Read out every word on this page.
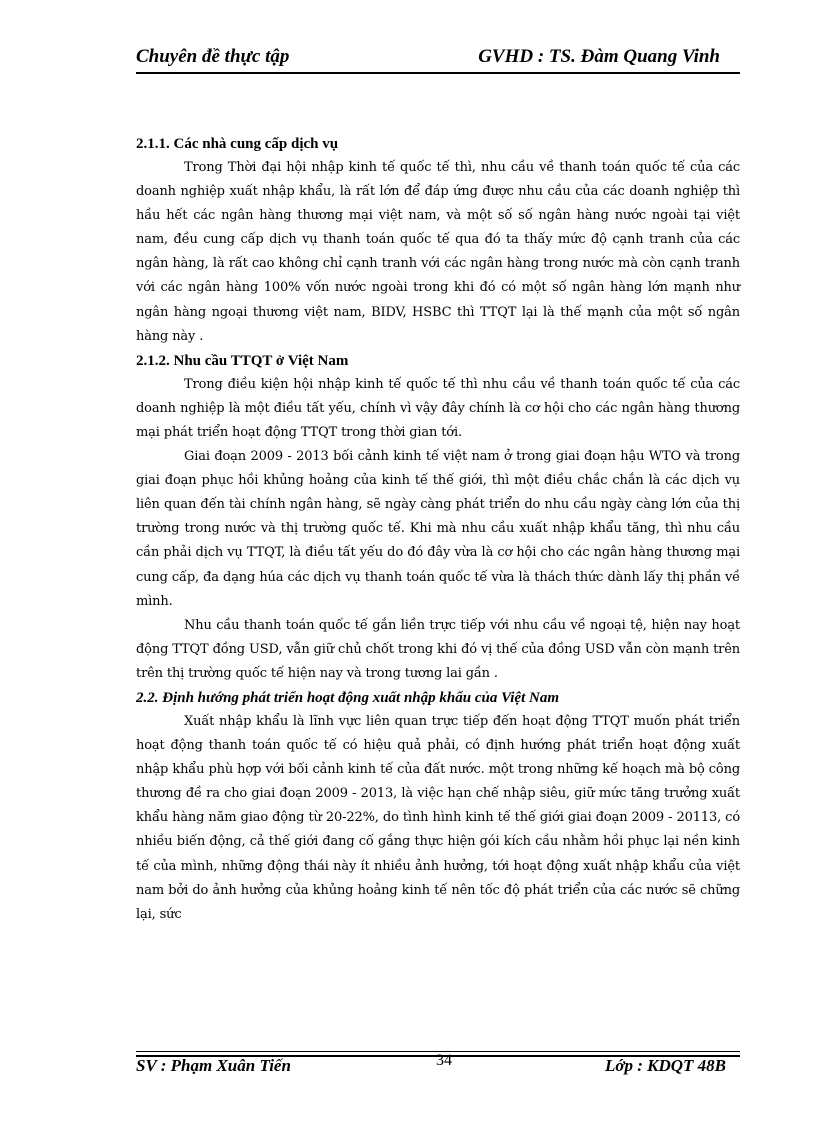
Chuyên đề thực tập	GVHD : TS. Đàm Quang Vinh
2.1.1. Các nhà cung cấp dịch vụ
Trong Thời đại hội nhập kinh tế quốc tế thì, nhu cầu về thanh toán quốc tế của các doanh nghiệp xuất nhập khẩu, là rất lớn để đáp ứng được nhu cầu của các doanh nghiệp thì hầu hết các ngân hàng thương mại việt nam, và một số số ngân hàng nước ngoài tại việt nam, đều cung cấp dịch vụ thanh toán quốc tế qua đó ta thấy mức độ cạnh tranh của các ngân hàng, là rất cao không chỉ cạnh tranh với các ngân hàng trong nước mà còn cạnh tranh với các ngân hàng 100% vốn nước ngoài trong khi đó có một số ngân hàng lớn mạnh như ngân hàng ngoại thương việt nam, BIDV, HSBC thì TTQT lại là thế mạnh của một số ngân hàng này .
2.1.2. Nhu cầu TTQT ở Việt Nam
Trong điều kiện hội nhập kinh tế quốc tế thì nhu cầu về thanh toán quốc tế của các doanh nghiệp là một điều tất yếu, chính vì vậy đây chính là cơ hội cho các ngân hàng thương mại phát triển hoạt động TTQT trong thời gian tới.
Giai đoạn 2009 - 2013 bối cảnh kinh tế việt nam ở trong giai đoạn hậu WTO và trong giai đoạn phục hồi khủng hoảng của kinh tế thế giới, thì một điều chắc chắn là các dịch vụ liên quan đến tài chính ngân hàng, sẽ ngày càng phát triển do nhu cầu ngày càng lớn của thị trường trong nước và thị trường quốc tế. Khi mà nhu cầu xuất nhập khẩu tăng, thì nhu cầu cần phải dịch vụ TTQT, là điều tất yếu do đó đây vừa là cơ hội cho các ngân hàng thương mại cung cấp, đa dạng húa các dịch vụ thanh toán quốc tế vừa là thách thức dành lấy thị phần về mình.
Nhu cầu thanh toán quốc tế gắn liền trực tiếp với nhu cầu về ngoại tệ, hiện nay hoạt động TTQT đồng USD, vẫn giữ chủ chốt trong khi đó vị thế của đồng USD vẫn còn mạnh trên trên thị trường quốc tế hiện nay và trong tương lai gần .
2.2. Định hướng phát triển hoạt động xuất nhập khẩu của Việt Nam
Xuất nhập khẩu là lĩnh vực liên quan trực tiếp đến hoạt động TTQT muốn phát triển hoạt động thanh toán quốc tế có hiệu quả phải, có định hướng phát triển hoạt động xuất nhập khẩu phù hợp với bối cảnh kinh tế của đất nước. một trong những kế hoạch mà bộ công thương đề ra cho giai đoạn 2009 - 2013, là việc hạn chế nhập siêu, giữ mức tăng trưởng xuất khẩu hàng năm giao động từ 20-22%, do tình hình kinh tế thế giới giai đoạn 2009 - 20113, có nhiều biến động, cả thế giới đang cố gắng thực hiện gói kích cầu nhằm hồi phục lại nền kinh tế của mình, những động thái này ít nhiều ảnh hưởng, tới hoạt động xuất nhập khẩu của việt nam bởi do ảnh hưởng của khủng hoảng kinh tế nên tốc độ phát triển của các nước sẽ chững lại, sức
SV : Phạm Xuân Tiến	34	Lớp : KDQT 48B
